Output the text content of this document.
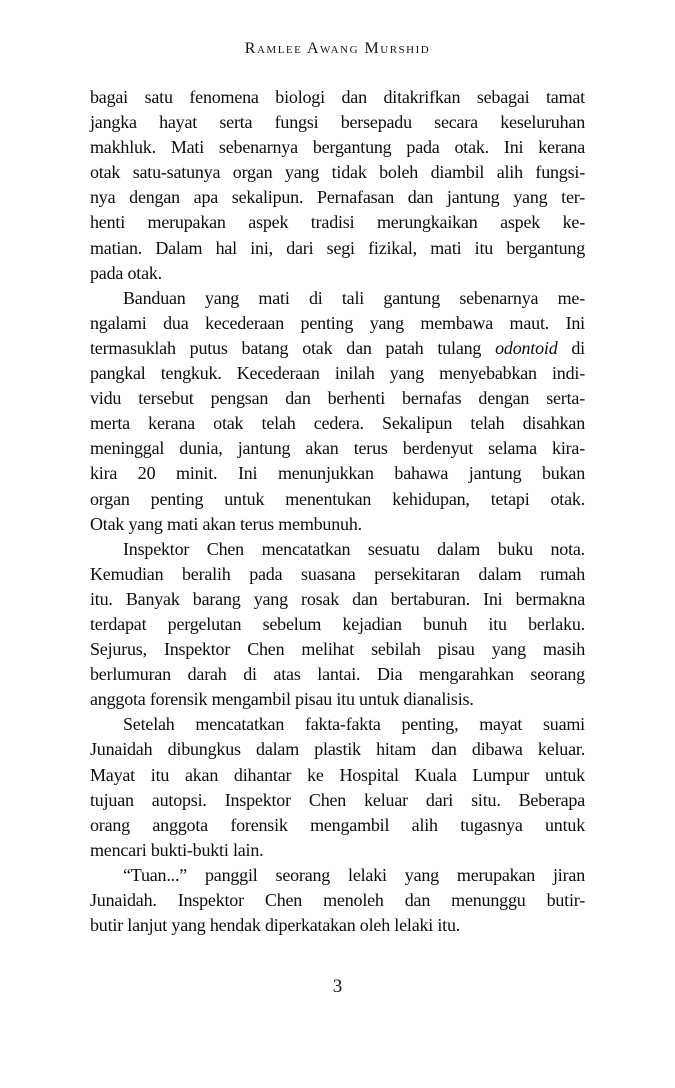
Ramlee Awang Murshid
bagai satu fenomena biologi dan ditakrifkan sebagai tamat
jangka hayat serta fungsi bersepadu secara keseluruhan
makhluk. Mati sebenarnya bergantung pada otak. Ini kerana
otak satu-satunya organ yang tidak boleh diambil alih fungsi-
nya dengan apa sekalipun. Pernafasan dan jantung yang ter-
henti merupakan aspek tradisi merungkaikan aspek ke-
matian. Dalam hal ini, dari segi fizikal, mati itu bergantung
pada otak.
Banduan yang mati di tali gantung sebenarnya me-
ngalami dua kecederaan penting yang membawa maut. Ini
termasuklah putus batang otak dan patah tulang odontoid di
pangkal tengkuk. Kecederaan inilah yang menyebabkan indi-
vidu tersebut pengsan dan berhenti bernafas dengan serta-
merta kerana otak telah cedera. Sekalipun telah disahkan
meninggal dunia, jantung akan terus berdenyut selama kira-
kira 20 minit. Ini menunjukkan bahawa jantung bukan
organ penting untuk menentukan kehidupan, tetapi otak.
Otak yang mati akan terus membunuh.
Inspektor Chen mencatatkan sesuatu dalam buku nota.
Kemudian beralih pada suasana persekitaran dalam rumah
itu. Banyak barang yang rosak dan bertaburan. Ini bermakna
terdapat pergelutan sebelum kejadian bunuh itu berlaku.
Sejurus, Inspektor Chen melihat sebilah pisau yang masih
berlumuran darah di atas lantai. Dia mengarahkan seorang
anggota forensik mengambil pisau itu untuk dianalisis.
Setelah mencatatkan fakta-fakta penting, mayat suami
Junaidah dibungkus dalam plastik hitam dan dibawa keluar.
Mayat itu akan dihantar ke Hospital Kuala Lumpur untuk
tujuan autopsi. Inspektor Chen keluar dari situ. Beberapa
orang anggota forensik mengambil alih tugasnya untuk
mencari bukti-bukti lain.
“Tuan...” panggil seorang lelaki yang merupakan jiran
Junaidah. Inspektor Chen menoleh dan menunggu butir-
butir lanjut yang hendak diperkatakan oleh lelaki itu.
3
